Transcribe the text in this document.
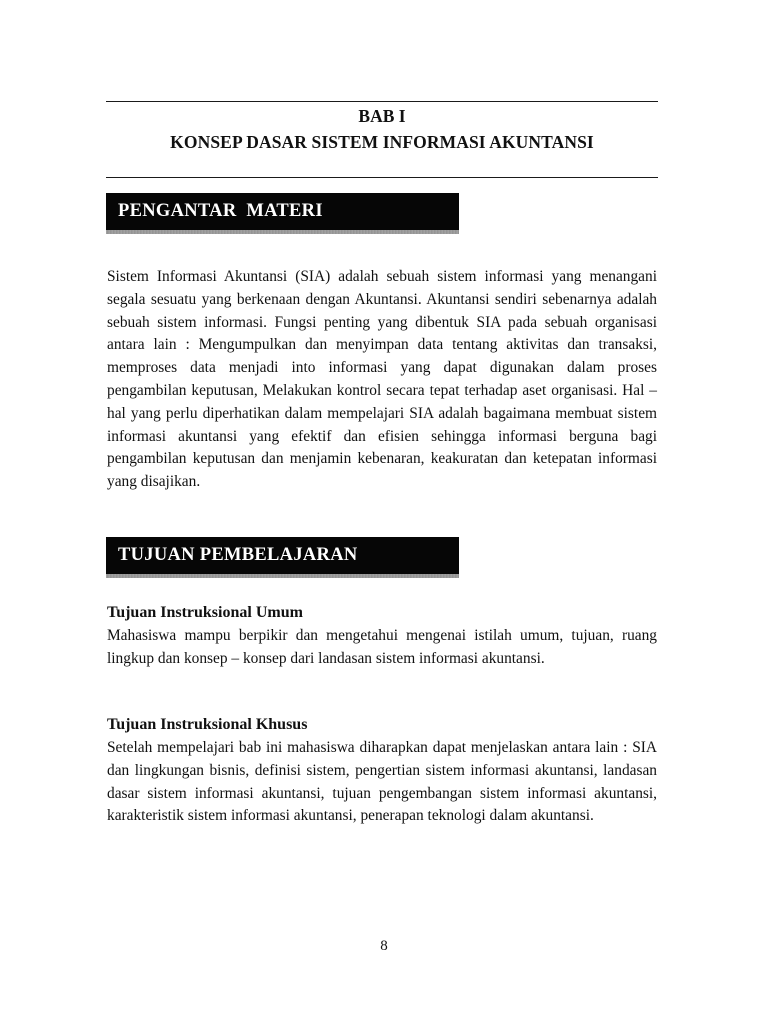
BAB I
KONSEP DASAR SISTEM INFORMASI AKUNTANSI
PENGANTAR  MATERI

Sistem Informasi Akuntansi (SIA) adalah sebuah sistem informasi yang menangani segala sesuatu yang berkenaan dengan Akuntansi. Akuntansi sendiri sebenarnya adalah sebuah sistem informasi. Fungsi penting yang dibentuk SIA pada sebuah organisasi antara lain : Mengumpulkan dan menyimpan data tentang aktivitas dan transaksi, memproses data menjadi into informasi yang dapat digunakan dalam proses pengambilan keputusan, Melakukan kontrol secara tepat terhadap aset organisasi. Hal – hal yang perlu diperhatikan dalam mempelajari SIA adalah bagaimana membuat sistem informasi akuntansi yang efektif dan efisien sehingga informasi berguna bagi pengambilan keputusan dan menjamin kebenaran, keakuratan dan ketepatan informasi yang disajikan.

TUJUAN PEMBELAJARAN

Tujuan Instruksional Umum

Mahasiswa mampu berpikir dan mengetahui mengenai istilah umum, tujuan, ruang lingkup dan konsep – konsep dari landasan sistem informasi akuntansi.

Tujuan Instruksional Khusus

Setelah mempelajari bab ini mahasiswa diharapkan dapat menjelaskan antara lain : SIA dan lingkungan bisnis, definisi sistem, pengertian sistem informasi akuntansi, landasan dasar sistem informasi akuntansi, tujuan pengembangan sistem informasi akuntansi, karakteristik sistem informasi akuntansi, penerapan teknologi dalam akuntansi.

8
